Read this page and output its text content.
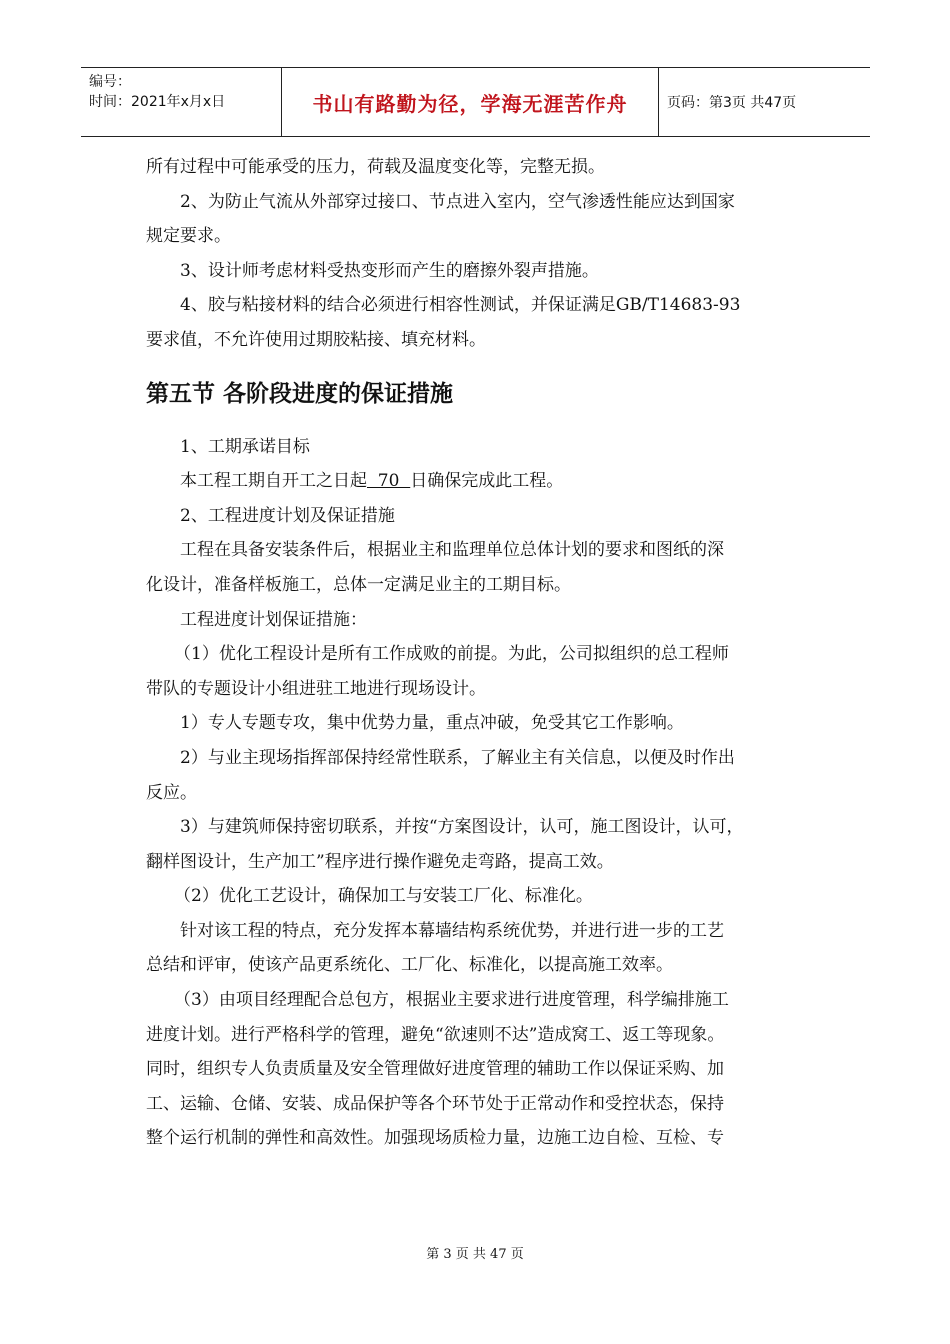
编号：
时间：2021年x月x日	书山有路勤为径，学海无涯苦作舟	页码：第3页 共47页

所有过程中可能承受的压力，荷载及温度变化等，完整无损。

2、为防止气流从外部穿过接口、节点进入室内，空气渗透性能应达到国家

规定要求。

3、设计师考虑材料受热变形而产生的磨擦外裂声措施。

4、胶与粘接材料的结合必须进行相容性测试，并保证满足GB/T14683-93

要求值，不允许使用过期胶粘接、填充材料。

第五节 各阶段进度的保证措施

1、工期承诺目标

本工程工期自开工之日起  70  日确保完成此工程。

2、工程进度计划及保证措施

工程在具备安装条件后，根据业主和监理单位总体计划的要求和图纸的深

化设计，准备样板施工，总体一定满足业主的工期目标。

工程进度计划保证措施：

（1）优化工程设计是所有工作成败的前提。为此，公司拟组织的总工程师

带队的专题设计小组进驻工地进行现场设计。

1）专人专题专攻，集中优势力量，重点冲破，免受其它工作影响。

2）与业主现场指挥部保持经常性联系，了解业主有关信息，以便及时作出

反应。

3）与建筑师保持密切联系，并按“方案图设计，认可，施工图设计，认可，

翻样图设计，生产加工”程序进行操作避免走弯路，提高工效。

（2）优化工艺设计，确保加工与安装工厂化、标准化。

针对该工程的特点，充分发挥本幕墙结构系统优势，并进行进一步的工艺

总结和评审，使该产品更系统化、工厂化、标准化，以提高施工效率。

（3）由项目经理配合总包方，根据业主要求进行进度管理，科学编排施工

进度计划。进行严格科学的管理，避免“欲速则不达”造成窝工、返工等现象。

同时，组织专人负责质量及安全管理做好进度管理的辅助工作以保证采购、加

工、运输、仓储、安装、成品保护等各个环节处于正常动作和受控状态，保持

整个运行机制的弹性和高效性。加强现场质检力量，边施工边自检、互检、专

第 3 页 共 47 页
